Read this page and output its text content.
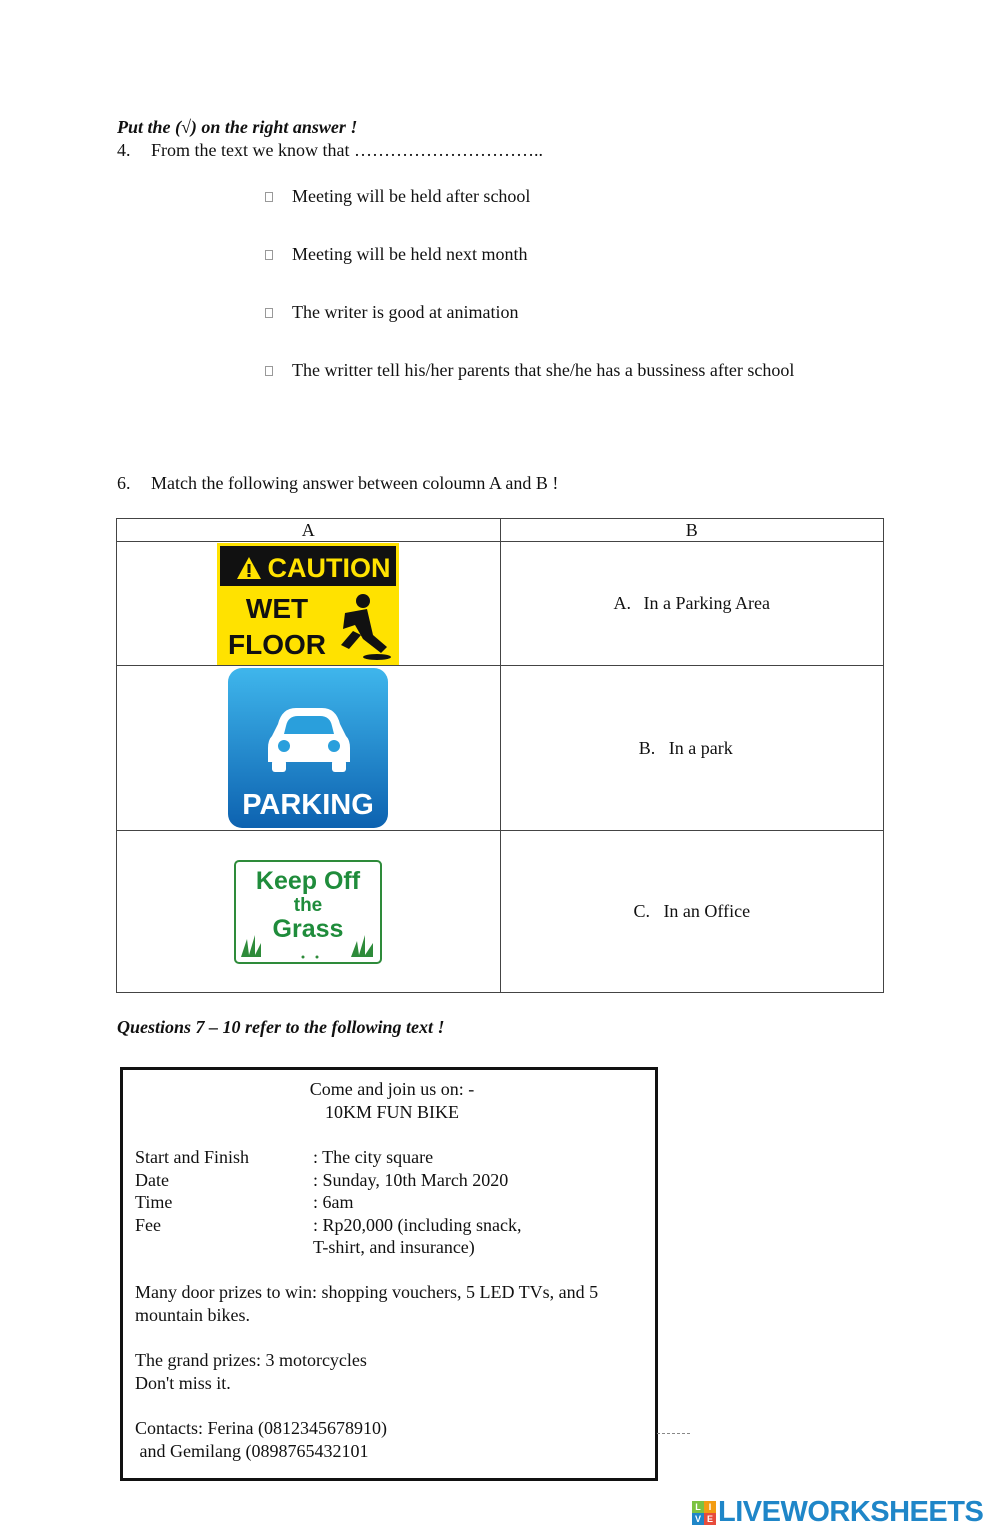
Put the (√) on the right answer !
4. From the text we know that …………………………..
Meeting will be held after school
Meeting will be held next month
The writer is good at animation
The writter tell his/her parents that she/he has a bussiness after school
6. Match the following answer between coloumn A and B !
A	B

CAUTION
WET
FLOOR	A. In a Parking Area

PARKING	B. In a park

Keep Off
the
Grass	C. In an Office
Questions 7 – 10 refer to the following text !
Come and join us on: -
10KM FUN BIKE
Start and Finish	: The city square
Date	: Sunday, 10th March 2020
Time	: 6am
Fee	: Rp20,000 (including snack,
T-shirt, and insurance)
Many door prizes to win: shopping vouchers, 5 LED TVs, and 5
mountain bikes.
The grand prizes: 3 motorcycles
Don't miss it.
Contacts: Ferina (0812345678910)
and Gemilang (0898765432101
L I
V E LIVEWORKSHEETS
